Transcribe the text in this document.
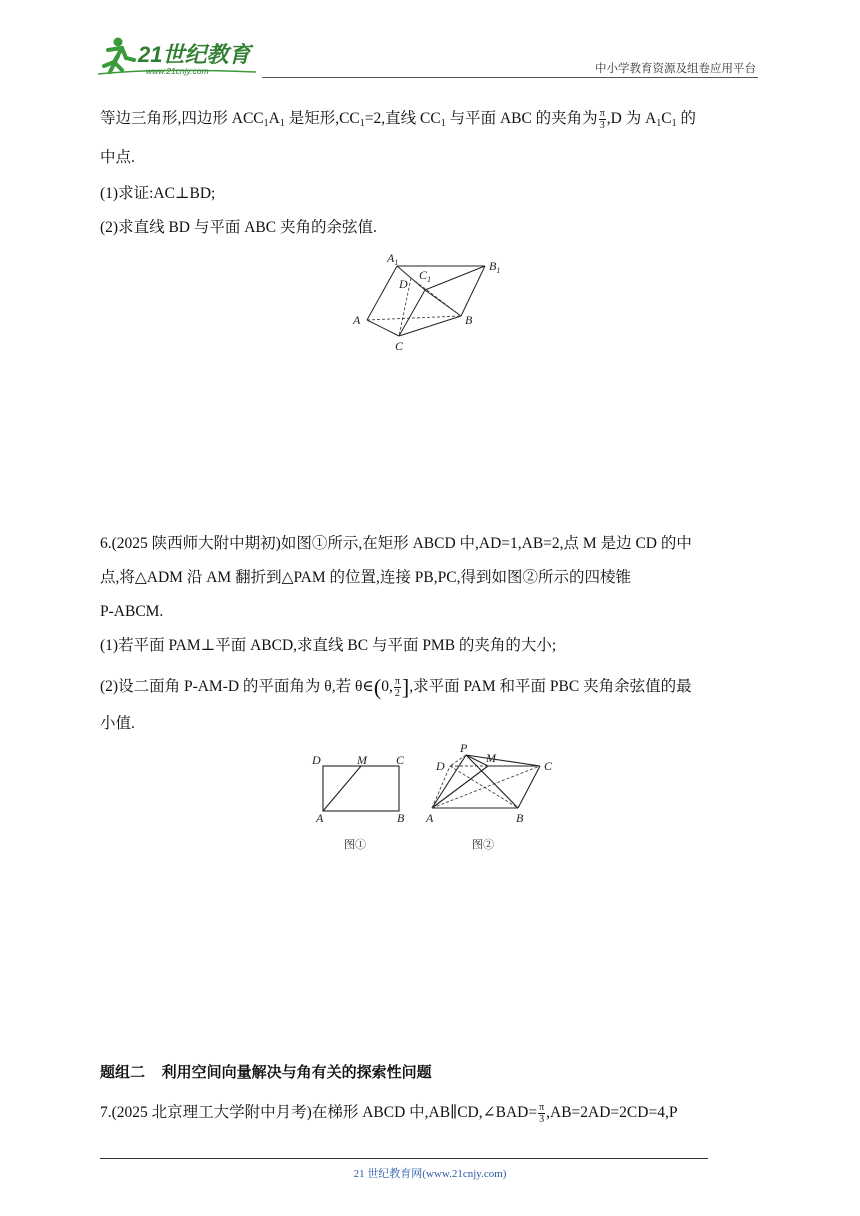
21世纪教育
www.21cnjy.com	中小学教育资源及组卷应用平台
等边三角形,四边形 $ACC_1A_1$ 是矩形$,CC_1=2$,直线 $CC_1$ 与平面 ABC 的夹角为 $\frac{\pi}{3} ,D$ 为 $A_1C_1$ 的
中点.
(1)求证:AC⊥BD;
(2)求直线 BD 与平面 ABC 夹角的余弦值.
$A_1$	$B_1$
$C_1$
D
A	B
C
6.(2025 陕西师大附中期初)如图①所示,在矩形 ABCD 中,AD=1,AB=2,点 M 是边 CD 的中
点,将△ADM 沿 AM 翻折到△PAM 的位置,连接 PB,PC,得到如图②所示的四棱锥
P-ABCM.
(1)若平面 PAM⊥平面 ABCD,求直线 BC 与平面 PMB 的夹角的大小;
(2)设二面角 P-AM-D 的平面角为 θ,若 θ∈(0, $\frac{\pi}{2}$ ],求平面 PAM 和平面 PBC 夹角余弦值的最
小值.
D	M C
A	B
图①
P
D
M
C
A	B
图②
题组二    利用空间向量解决与角有关的探索性问题
7.(2025 北京理工大学附中月考)在梯形 ABCD 中,AB∥CD,∠BAD= $\frac{\pi}{3} ,AB=2AD=2CD=4,P$
21 世纪教育网(www.21cnjy.com)
